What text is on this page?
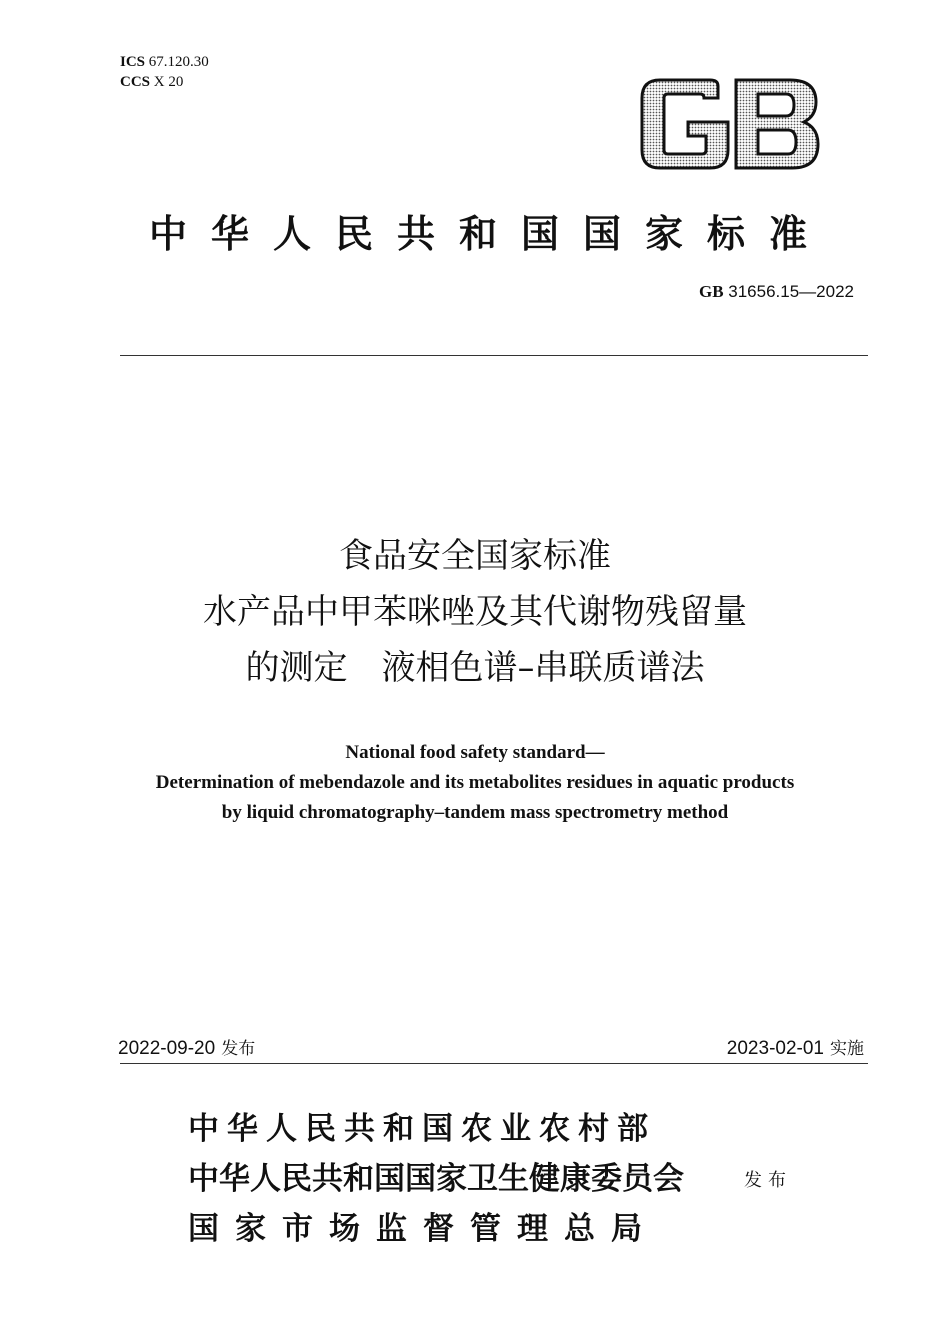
ICS 67.120.30
CCS X 20
中华人民共和国国家标准
GB 31656.15—2022
食品安全国家标准
水产品中甲苯咪唑及其代谢物残留量
的测定　液相色谱–串联质谱法
National food safety standard—
Determination of mebendazole and its metabolites residues in aquatic products
by liquid chromatography–tandem mass spectrometry method
2022-09-20 发布	2023-02-01 实施
中华人民共和国农业农村部
中华人民共和国国家卫生健康委员会
国家市场监督管理总局
发布
